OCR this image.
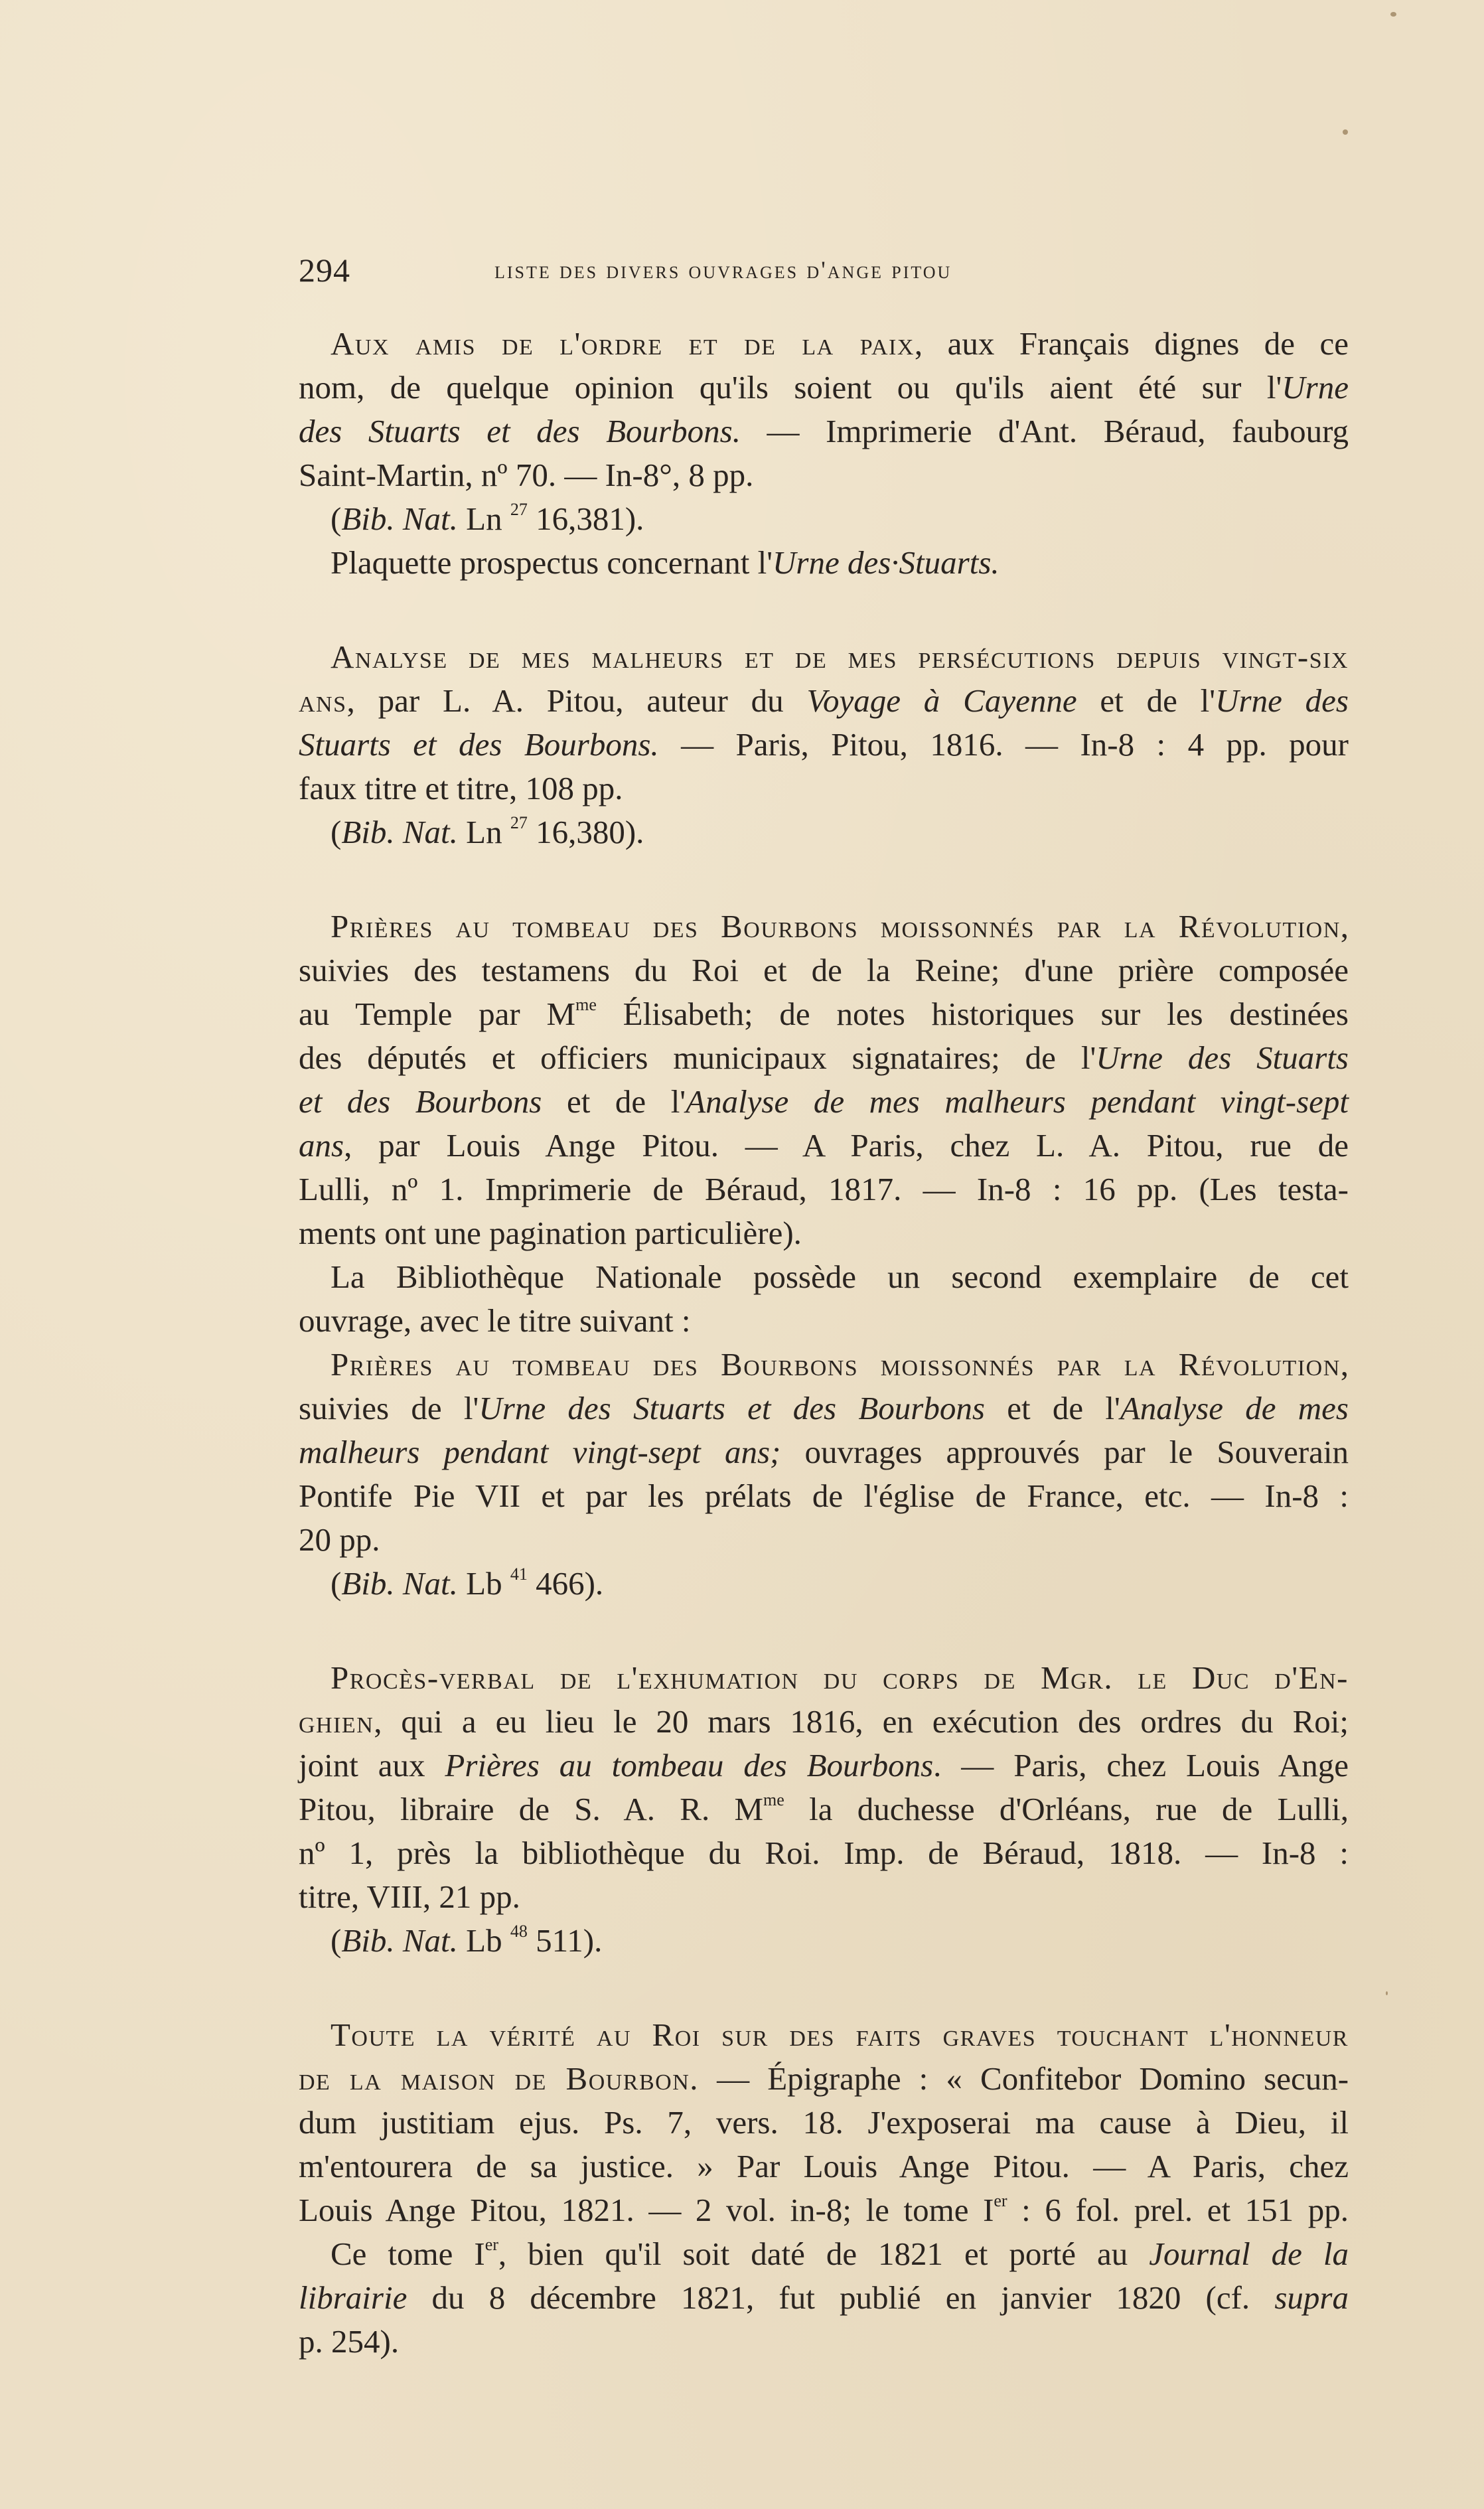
294	liste des divers ouvrages d'ange pitou
Aux amis de l'ordre et de la paix, aux Français dignes de ce
nom, de quelque opinion qu'ils soient ou qu'ils aient été sur l'Urne
des Stuarts et des Bourbons. — Imprimerie d'Ant. Béraud, faubourg
Saint-Martin, nº 70. — In-8°, 8 pp.
(Bib. Nat. Ln $^{27}$ 16,381).
Plaquette prospectus concernant l'Urne des·Stuarts.
Analyse de mes malheurs et de mes persécutions depuis vingt-six
ans, par L. A. Pitou, auteur du Voyage à Cayenne et de l'Urne des
Stuarts et des Bourbons. — Paris, Pitou, 1816. — In-8 : 4 pp. pour
faux titre et titre, 108 pp.
(Bib. Nat. Ln $^{27}$ 16,380).
Prières au tombeau des Bourbons moissonnés par la Révolution,
suivies des testamens du Roi et de la Reine; d'une prière composée
au Temple par $M^{me}$ Élisabeth; de notes historiques sur les destinées
des députés et officiers municipaux signataires; de l'Urne des Stuarts
et des Bourbons et de l'Analyse de mes malheurs pendant vingt-sept
ans, par Louis Ange Pitou. — A Paris, chez L. A. Pitou, rue de
Lulli, nº 1. Imprimerie de Béraud, 1817. — In-8 : 16 pp. (Les testa-
ments ont une pagination particulière).
La Bibliothèque Nationale possède un second exemplaire de cet
ouvrage, avec le titre suivant :
Prières au tombeau des Bourbons moissonnés par la Révolution,
suivies de l'Urne des Stuarts et des Bourbons et de l'Analyse de mes
malheurs pendant vingt-sept ans; ouvrages approuvés par le Souverain
Pontife Pie VII et par les prélats de l'église de France, etc. — In-8 :
20 pp.
(Bib. Nat. Lb $^{41}$ 466).
Procès-verbal de l'exhumation du corps de Mgr. le Duc d'En-
ghien, qui a eu lieu le 20 mars 1816, en exécution des ordres du Roi;
joint aux Prières au tombeau des Bourbons. — Paris, chez Louis Ange
Pitou, libraire de S. A. R. $M^{me}$ la duchesse d'Orléans, rue de Lulli,
nº 1, près la bibliothèque du Roi. Imp. de Béraud, 1818. — In-8 :
titre, VIII, 21 pp.
(Bib. Nat. Lb $^{48}$ 511).
Toute la vérité au Roi sur des faits graves touchant l'honneur
de la maison de Bourbon. — Épigraphe : « Confitebor Domino secun-
dum justitiam ejus. Ps. 7, vers. 18. J'exposerai ma cause à Dieu, il
m'entourera de sa justice. » Par Louis Ange Pitou. — A Paris, chez
Louis Ange Pitou, 1821. — 2 vol. in-8; le tome Ier : 6 fol. prel. et 151 pp.
Ce tome Ier, bien qu'il soit daté de 1821 et porté au Journal de la
librairie du 8 décembre 1821, fut publié en janvier 1820 (cf. supra
p. 254).
